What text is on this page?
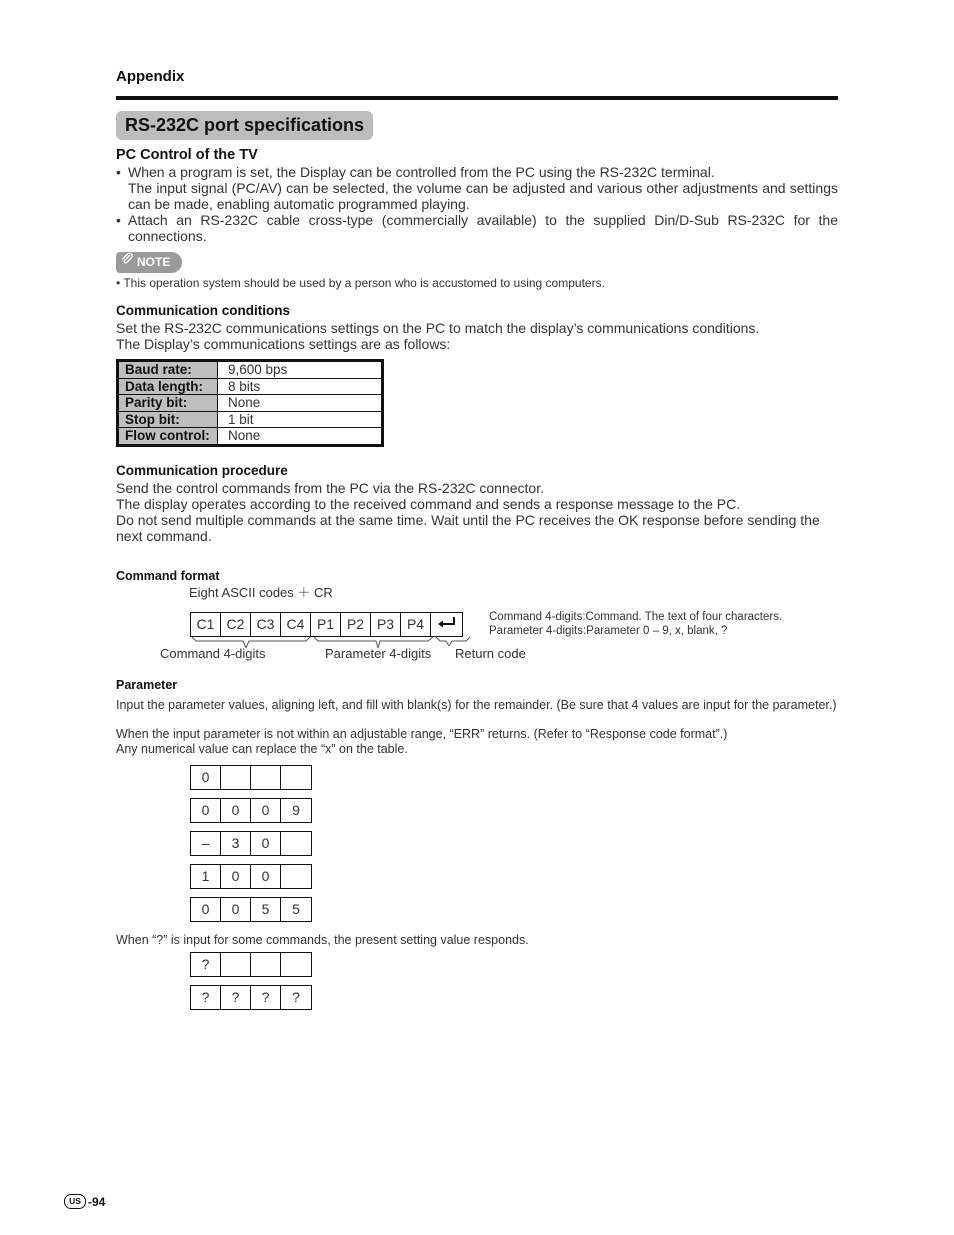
Appendix
RS-232C port specifications
PC Control of the TV
• When a program is set, the Display can be controlled from the PC using the RS-232C terminal.
The input signal (PC/AV) can be selected, the volume can be adjusted and various other adjustments and settings can be made, enabling automatic programmed playing.
• Attach an RS-232C cable cross-type (commercially available) to the supplied Din/D-Sub RS-232C for the connections.
NOTE
• This operation system should be used by a person who is accustomed to using computers.
Communication conditions
Set the RS-232C communications settings on the PC to match the display’s communications conditions.
The Display’s communications settings are as follows:
Baud rate:	9,600 bps
Data length:	8 bits
Parity bit:	None
Stop bit:	1 bit
Flow control:	None
Communication procedure
Send the control commands from the PC via the RS-232C connector.
The display operates according to the received command and sends a response message to the PC.
Do not send multiple commands at the same time. Wait until the PC receives the OK response before sending the next command.
Command format
Eight ASCII codes ＋ CR
C1 C2 C3 C4 P1 P2 P3 P4
Command 4-digits	Parameter 4-digits Return code
Command 4-digits:Command. The text of four characters.
Parameter 4-digits:Parameter 0 – 9, x, blank, ?
Parameter
Input the parameter values, aligning left, and fill with blank(s) for the remainder. (Be sure that 4 values are input for the parameter.)
When the input parameter is not within an adjustable range, “ERR” returns. (Refer to “Response code format”.)
Any numerical value can replace the “x” on the table.
0
0	0	0	9
–	3	0
1	0	0
0	0	5	5
When “?” is input for some commands, the present setting value responds.
?
?	?	?	?
US -94
